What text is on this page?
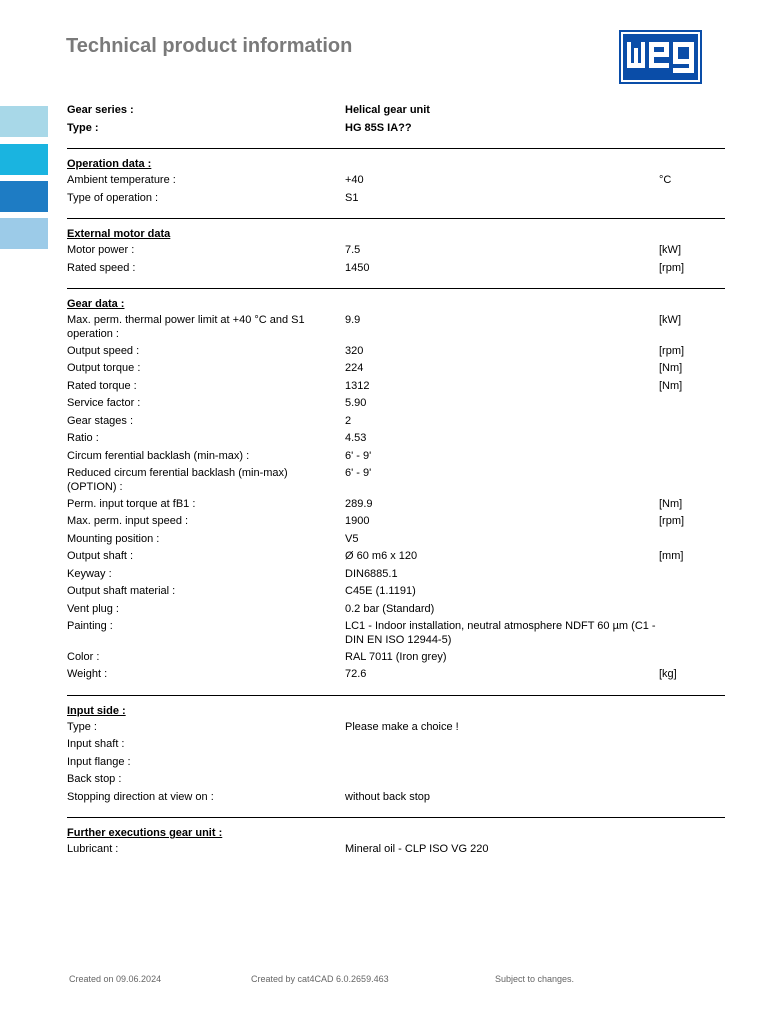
Technical product information
Gear series :	Helical gear unit
Type :	HG 85S IA??
Operation data :
Ambient temperature :	+40	°C
Type of operation :	S1
External motor data
Motor power :	7.5	[kW]
Rated speed :	1450	[rpm]
Gear data :
Max. perm. thermal power limit at +40 °C and S1 operation :
9.9	[kW]
Output speed :	320	[rpm]
Output torque :	224	[Nm]
Rated torque :	1312	[Nm]
Service factor :	5.90
Gear stages :	2
Ratio :	4.53
Circum ferential backlash (min-max) :	6' - 9'
Reduced circum ferential backlash (min-max) (OPTION) :
6' - 9'
Perm. input torque at fB1 :	289.9	[Nm]
Max. perm. input speed :	1900	[rpm]
Mounting position :	V5
Output shaft :	Ø 60 m6 x 120	[mm]
Keyway :	DIN6885.1
Output shaft material :	C45E (1.1191)
Vent plug :	0.2 bar (Standard)
Painting :	LC1 - Indoor installation, neutral atmosphere NDFT 60 µm (C1 - DIN EN ISO 12944-5)
Color :	RAL 7011 (Iron grey)
Weight :	72.6	[kg]
Input side :
Type :	Please make a choice !
Input shaft :
Input flange :
Back stop :
Stopping direction at view on :	without back stop
Further executions gear unit :
Lubricant :	Mineral oil - CLP ISO VG 220
Created on 09.06.2024	Created by cat4CAD 6.0.2659.463	Subject to changes.
